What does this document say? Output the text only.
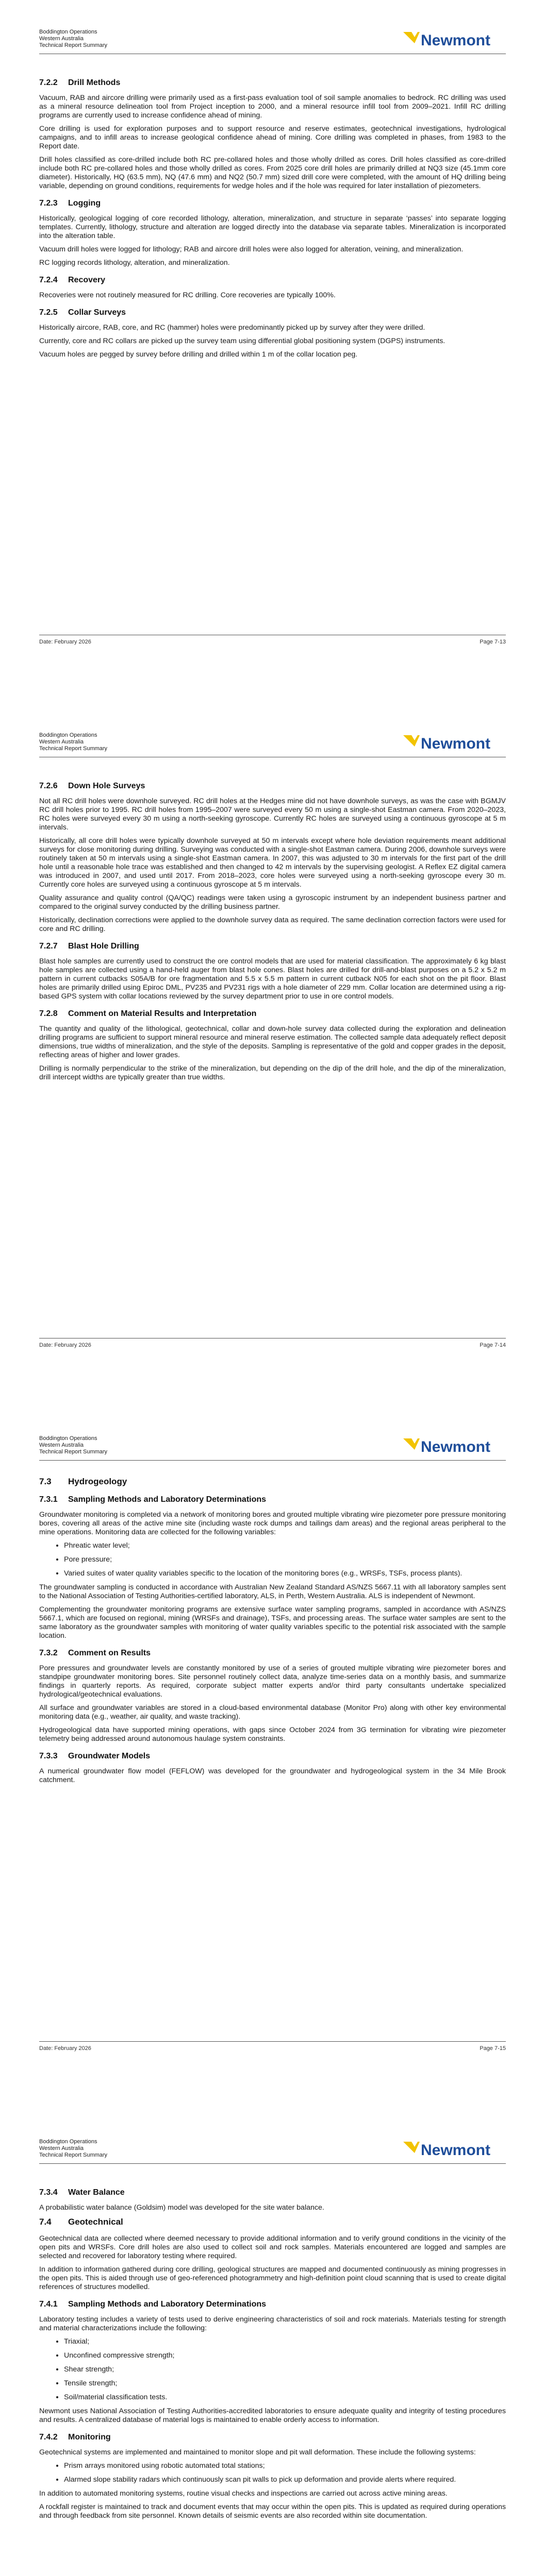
Boddington Operations
Western Australia
Technical Report Summary	Newmont
7.2.2 Drill Methods

Vacuum, RAB and aircore drilling were primarily used as a first-pass evaluation tool of soil sample anomalies to bedrock. RC drilling was used as a mineral resource delineation tool from Project inception to 2000, and a mineral resource infill tool from 2009–2021. Infill RC drilling programs are currently used to increase confidence ahead of mining.

Core drilling is used for exploration purposes and to support resource and reserve estimates, geotechnical investigations, hydrological campaigns, and to infill areas to increase geological confidence ahead of mining. Core drilling was completed in phases, from 1983 to the Report date.

Drill holes classified as core-drilled include both RC pre-collared holes and those wholly drilled as cores. Drill holes classified as core-drilled include both RC pre-collared holes and those wholly drilled as cores. From 2025 core drill holes are primarily drilled at NQ3 size (45.1mm core diameter). Historically, HQ (63.5 mm), NQ (47.6 mm) and NQ2 (50.7 mm) sized drill core were completed, with the amount of HQ drilling being variable, depending on ground conditions, requirements for wedge holes and if the hole was required for later installation of piezometers.

7.2.3 Logging

Historically, geological logging of core recorded lithology, alteration, mineralization, and structure in separate ‘passes’ into separate logging templates. Currently, lithology, structure and alteration are logged directly into the database via separate tables. Mineralization is incorporated into the alteration table.

Vacuum drill holes were logged for lithology; RAB and aircore drill holes were also logged for alteration, veining, and mineralization.

RC logging records lithology, alteration, and mineralization.

7.2.4 Recovery

Recoveries were not routinely measured for RC drilling. Core recoveries are typically 100%.

7.2.5 Collar Surveys

Historically aircore, RAB, core, and RC (hammer) holes were predominantly picked up by survey after they were drilled.

Currently, core and RC collars are picked up the survey team using differential global positioning system (DGPS) instruments.

Vacuum holes are pegged by survey before drilling and drilled within 1 m of the collar location peg.

Date: February 2026	Page 7-13
Boddington Operations
Western Australia
Technical Report Summary	Newmont
7.2.6 Down Hole Surveys

Not all RC drill holes were downhole surveyed. RC drill holes at the Hedges mine did not have downhole surveys, as was the case with BGMJV RC drill holes prior to 1995. RC drill holes from 1995–2007 were surveyed every 50 m using a single-shot Eastman camera. From 2020–2023, RC holes were surveyed every 30 m using a north-seeking gyroscope. Currently RC holes are surveyed using a continuous gyroscope at 5 m intervals.

Historically, all core drill holes were typically downhole surveyed at 50 m intervals except where hole deviation requirements meant additional surveys for close monitoring during drilling. Surveying was conducted with a single-shot Eastman camera. During 2006, downhole surveys were routinely taken at 50 m intervals using a single-shot Eastman camera. In 2007, this was adjusted to 30 m intervals for the first part of the drill hole until a reasonable hole trace was established and then changed to 42 m intervals by the supervising geologist. A Reflex EZ digital camera was introduced in 2007, and used until 2017. From 2018–2023, core holes were surveyed using a north-seeking gyroscope every 30 m. Currently core holes are surveyed using a continuous gyroscope at 5 m intervals.

Quality assurance and quality control (QA/QC) readings were taken using a gyroscopic instrument by an independent business partner and compared to the original survey conducted by the drilling business partner.

Historically, declination corrections were applied to the downhole survey data as required. The same declination correction factors were used for core and RC drilling.

7.2.7 Blast Hole Drilling

Blast hole samples are currently used to construct the ore control models that are used for material classification. The approximately 6 kg blast hole samples are collected using a hand-held auger from blast hole cones. Blast holes are drilled for drill-and-blast purposes on a 5.2 x 5.2 m pattern in current cutbacks S05A/B for ore fragmentation and 5.5 x 5.5 m pattern in current cutback N05 for each shot on the pit floor. Blast holes are primarily drilled using Epiroc DML, PV235 and PV231 rigs with a hole diameter of 229 mm. Collar location are determined using a rig-based GPS system with collar locations reviewed by the survey department prior to use in ore control models.

7.2.8 Comment on Material Results and Interpretation

The quantity and quality of the lithological, geotechnical, collar and down-hole survey data collected during the exploration and delineation drilling programs are sufficient to support mineral resource and mineral reserve estimation. The collected sample data adequately reflect deposit dimensions, true widths of mineralization, and the style of the deposits. Sampling is representative of the gold and copper grades in the deposit, reflecting areas of higher and lower grades.

Drilling is normally perpendicular to the strike of the mineralization, but depending on the dip of the drill hole, and the dip of the mineralization, drill intercept widths are typically greater than true widths.

Date: February 2026	Page 7-14
Boddington Operations
Western Australia
Technical Report Summary	Newmont
7.3 Hydrogeology
7.3.1 Sampling Methods and Laboratory Determinations

Groundwater monitoring is completed via a network of monitoring bores and grouted multiple vibrating wire piezometer pore pressure monitoring bores, covering all areas of the active mine site (including waste rock dumps and tailings dam areas) and the regional areas peripheral to the mine operations. Monitoring data are collected for the following variables:

• Phreatic water level;
• Pore pressure;
• Varied suites of water quality variables specific to the location of the monitoring bores (e.g., WRSFs, TSFs, process plants).

The groundwater sampling is conducted in accordance with Australian New Zealand Standard AS/NZS 5667.11 with all laboratory samples sent to the National Association of Testing Authorities-certified laboratory, ALS, in Perth, Western Australia. ALS is independent of Newmont.

Complementing the groundwater monitoring programs are extensive surface water sampling programs, sampled in accordance with AS/NZS 5667.1, which are focused on regional, mining (WRSFs and drainage), TSFs, and processing areas. The surface water samples are sent to the same laboratory as the groundwater samples with monitoring of water quality variables specific to the potential risk associated with the sample location.

7.3.2 Comment on Results

Pore pressures and groundwater levels are constantly monitored by use of a series of grouted multiple vibrating wire piezometer bores and standpipe groundwater monitoring bores. Site personnel routinely collect data, analyze time-series data on a monthly basis, and summarize findings in quarterly reports. As required, corporate subject matter experts and/or third party consultants undertake specialized hydrological/geotechnical evaluations.

All surface and groundwater variables are stored in a cloud-based environmental database (Monitor Pro) along with other key environmental monitoring data (e.g., weather, air quality, and waste tracking).

Hydrogeological data have supported mining operations, with gaps since October 2024 from 3G termination for vibrating wire piezometer telemetry being addressed around autonomous haulage system constraints.

7.3.3 Groundwater Models

A numerical groundwater flow model (FEFLOW) was developed for the groundwater and hydrogeological system in the 34 Mile Brook catchment.

Date: February 2026	Page 7-15
Boddington Operations
Western Australia
Technical Report Summary	Newmont
7.3.4 Water Balance

A probabilistic water balance (Goldsim) model was developed for the site water balance.

7.4 Geotechnical

Geotechnical data are collected where deemed necessary to provide additional information and to verify ground conditions in the vicinity of the open pits and WRSFs. Core drill holes are also used to collect soil and rock samples. Materials encountered are logged and samples are selected and recovered for laboratory testing where required.

In addition to information gathered during core drilling, geological structures are mapped and documented continuously as mining progresses in the open pits. This is aided through use of geo-referenced photogrammetry and high-definition point cloud scanning that is used to create digital references of structures modelled.

7.4.1 Sampling Methods and Laboratory Determinations

Laboratory testing includes a variety of tests used to derive engineering characteristics of soil and rock materials. Materials testing for strength and material characterizations include the following:

• Triaxial;
• Unconfined compressive strength;
• Shear strength;
• Tensile strength;
• Soil/material classification tests.

Newmont uses National Association of Testing Authorities-accredited laboratories to ensure adequate quality and integrity of testing procedures and results. A centralized database of material logs is maintained to enable orderly access to information.

7.4.2 Monitoring

Geotechnical systems are implemented and maintained to monitor slope and pit wall deformation. These include the following systems:

• Prism arrays monitored using robotic automated total stations;
• Alarmed slope stability radars which continuously scan pit walls to pick up deformation and provide alerts where required.

In addition to automated monitoring systems, routine visual checks and inspections are carried out across active mining areas.

A rockfall register is maintained to track and document events that may occur within the open pits. This is updated as required during operations and through feedback from site personnel. Known details of seismic events are also recorded within site documentation.
